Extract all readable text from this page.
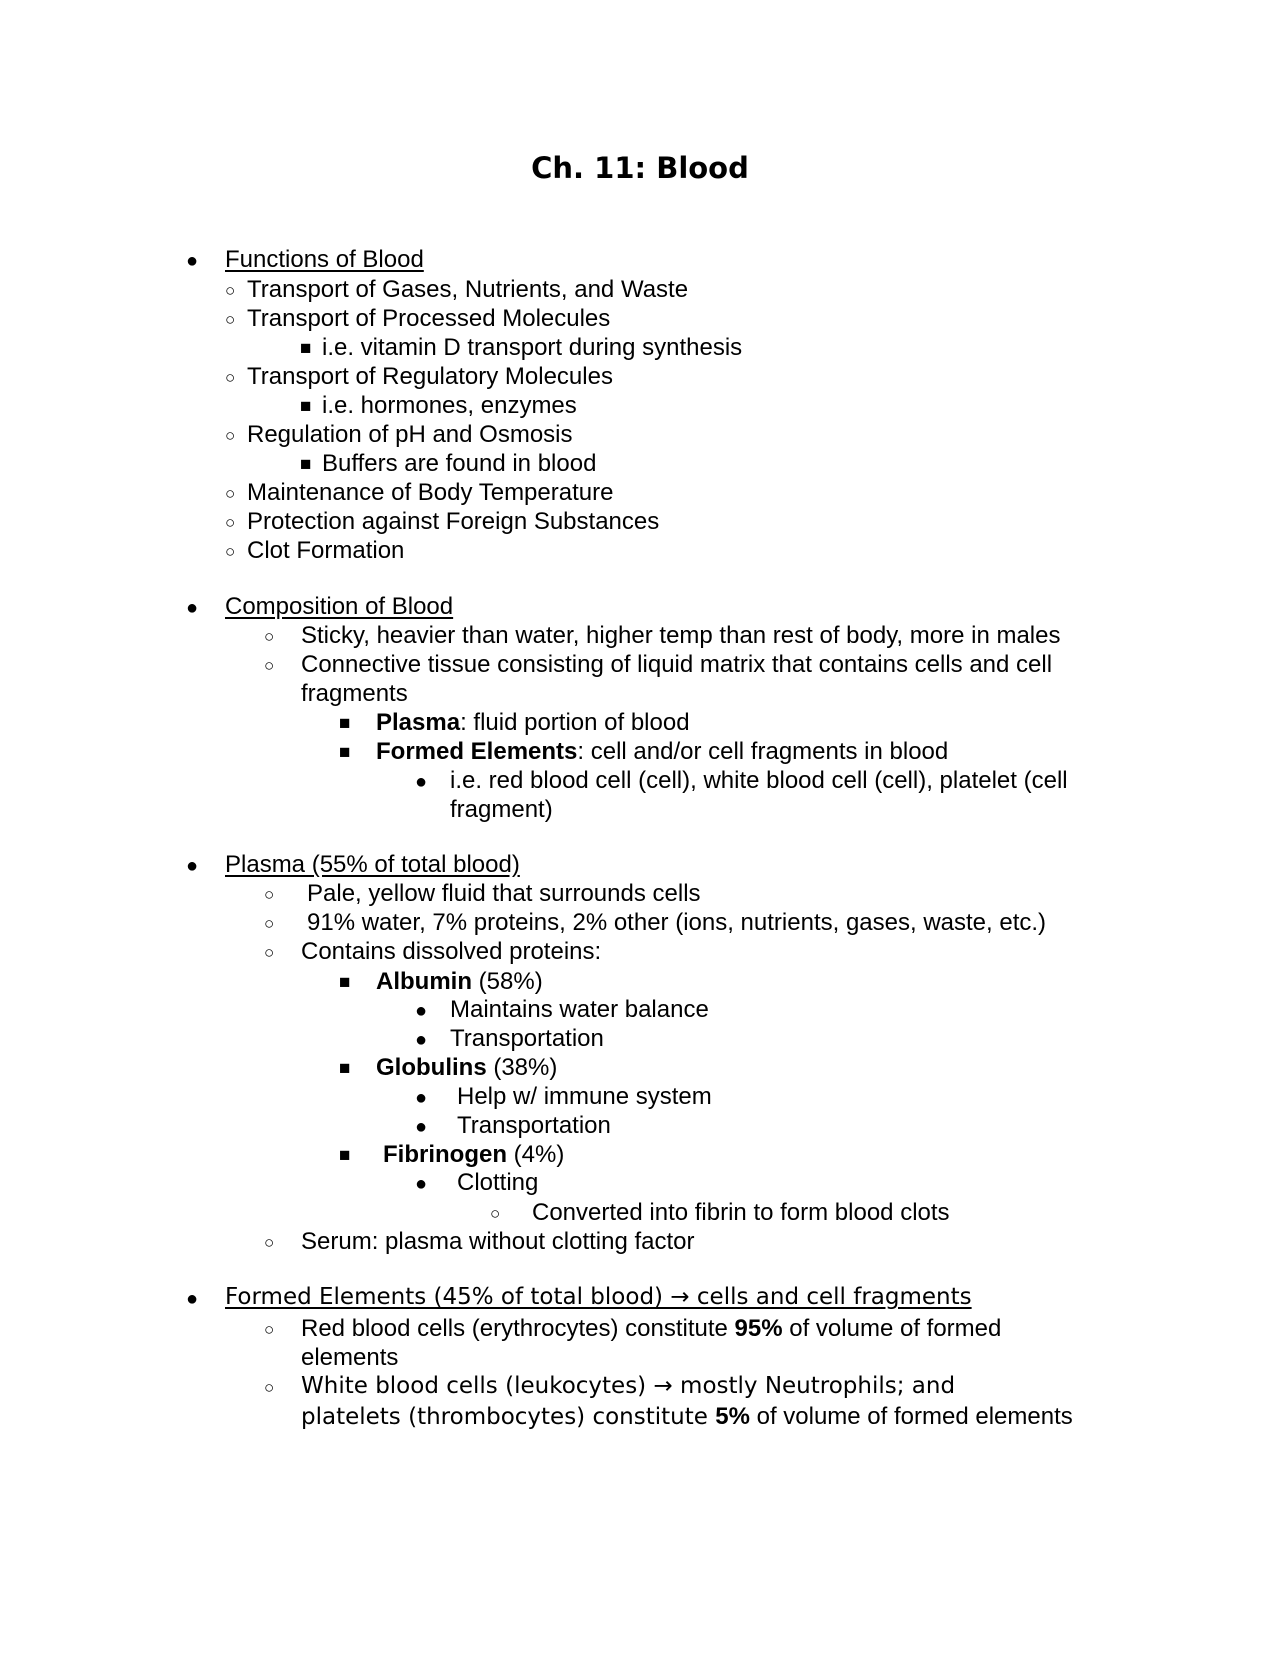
Ch. 11: Blood
● Functions of Blood
○ Transport of Gases, Nutrients, and Waste
○ Transport of Processed Molecules
■ i.e. vitamin D transport during synthesis
○ Transport of Regulatory Molecules
■ i.e. hormones, enzymes
○ Regulation of pH and Osmosis
■ Buffers are found in blood
○ Maintenance of Body Temperature
○ Protection against Foreign Substances
○ Clot Formation
● Composition of Blood
○ Sticky, heavier than water, higher temp than rest of body, more in males
○ Connective tissue consisting of liquid matrix that contains cells and cell
fragments
■ Plasma: fluid portion of blood
■ Formed Elements: cell and/or cell fragments in blood
● i.e. red blood cell (cell), white blood cell (cell), platelet (cell
fragment)
● Plasma (55% of total blood)
○ Pale, yellow fluid that surrounds cells
○ 91% water, 7% proteins, 2% other (ions, nutrients, gases, waste, etc.)
○ Contains dissolved proteins:
■ Albumin (58%)
● Maintains water balance
● Transportation
■ Globulins (38%)
● Help w/ immune system
● Transportation
■ Fibrinogen (4%)
● Clotting
○ Converted into fibrin to form blood clots
○ Serum: plasma without clotting factor
● Formed Elements (45% of total blood) → cells and cell fragments
○ Red blood cells (erythrocytes) constitute 95% of volume of formed
elements
○ White blood cells (leukocytes) → mostly Neutrophils; and
platelets (thrombocytes) constitute 5% of volume of formed elements
